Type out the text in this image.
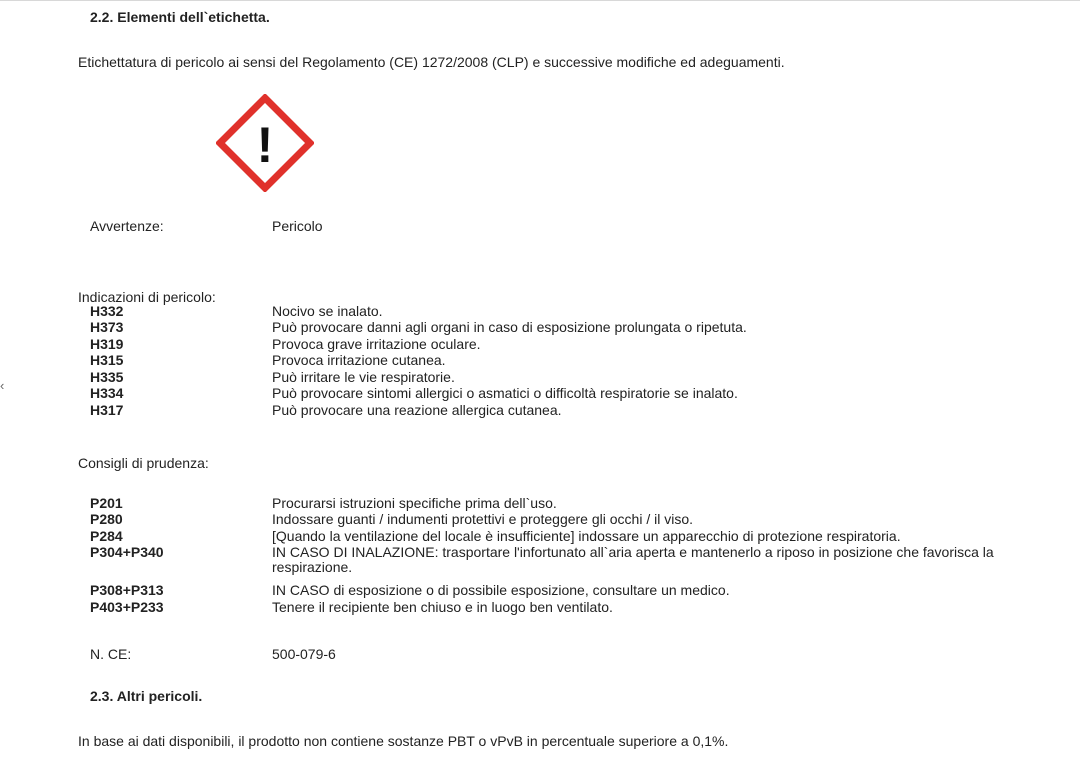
‹
2.2. Elementi dell`etichetta.
Etichettatura di pericolo ai sensi del Regolamento (CE) 1272/2008 (CLP) e successive modifiche ed adeguamenti.
!
Avvertenze:	Pericolo
Indicazioni di pericolo:
H332	Nocivo se inalato.
H373	Può provocare danni agli organi in caso di esposizione prolungata o ripetuta.
H319	Provoca grave irritazione oculare.
H315	Provoca irritazione cutanea.
H335	Può irritare le vie respiratorie.
H334	Può provocare sintomi allergici o asmatici o difficoltà respiratorie se inalato.
H317	Può provocare una reazione allergica cutanea.
Consigli di prudenza:
P201	Procurarsi istruzioni specifiche prima dell`uso.
P280	Indossare guanti / indumenti protettivi e proteggere gli occhi / il viso.
P284	[Quando la ventilazione del locale è insufficiente] indossare un apparecchio di protezione respiratoria.
P304+P340	IN CASO DI INALAZIONE: trasportare l'infortunato all`aria aperta e mantenerlo a riposo in posizione che favorisca la respirazione.
P308+P313	IN CASO di esposizione o di possibile esposizione, consultare un medico.
P403+P233	Tenere il recipiente ben chiuso e in luogo ben ventilato.
N. CE:	500-079-6
2.3. Altri pericoli.
In base ai dati disponibili, il prodotto non contiene sostanze PBT o vPvB in percentuale superiore a 0,1%.
